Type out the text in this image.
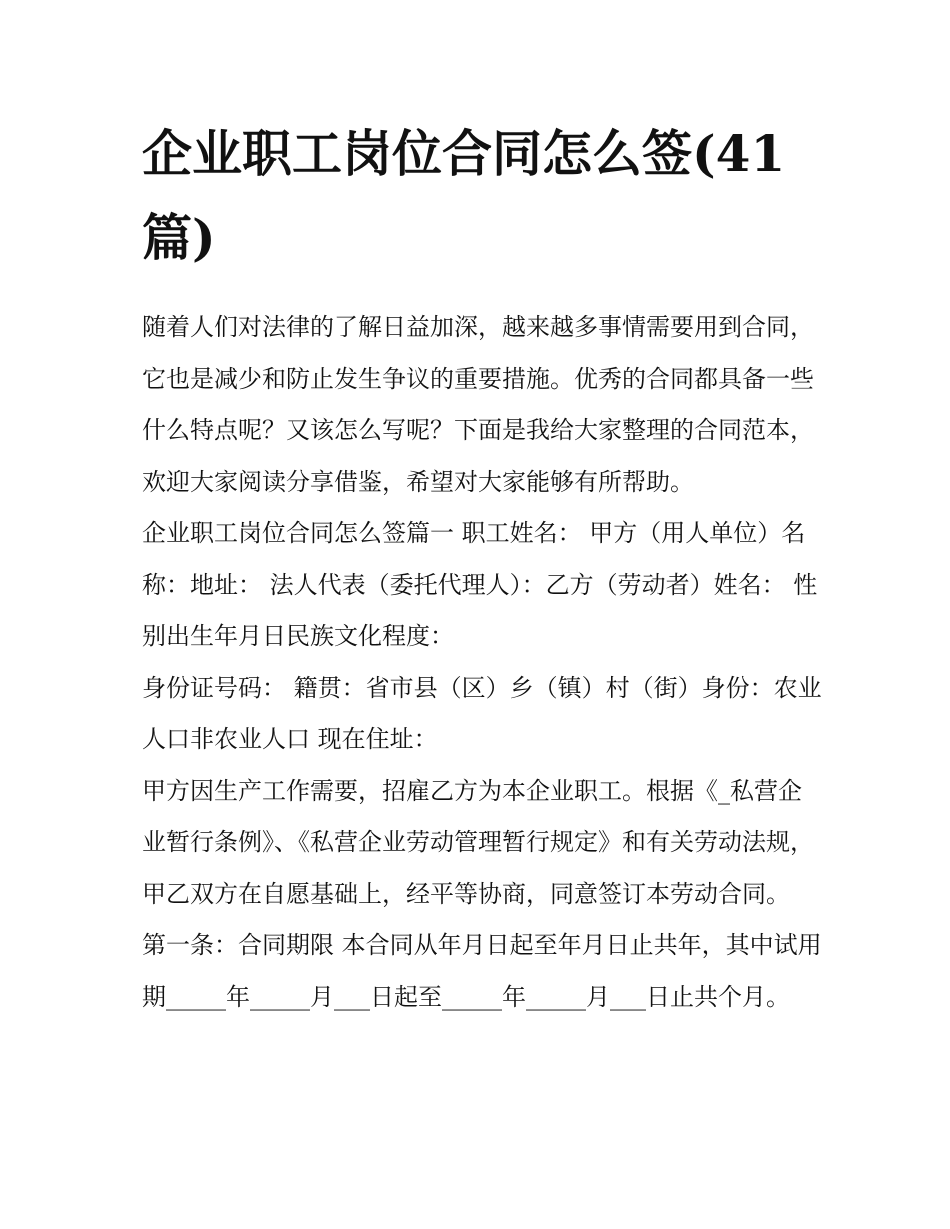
企业职工岗位合同怎么签(41篇)

随着人们对法律的了解日益加深，越来越多事情需要用到合同，它也是减少和防止发生争议的重要措施。优秀的合同都具备一些什么特点呢？又该怎么写呢？下面是我给大家整理的合同范本，欢迎大家阅读分享借鉴，希望对大家能够有所帮助。

企业职工岗位合同怎么签篇一 职工姓名： 甲方（用人单位）名称：地址： 法人代表（委托代理人）：乙方（劳动者）姓名： 性别出生年月日民族文化程度：

身份证号码： 籍贯：省市县（区）乡（镇）村（街）身份：农业人口非农业人口 现在住址：

甲方因生产工作需要，招雇乙方为本企业职工。根据《_私营企业暂行条例》、《私营企业劳动管理暂行规定》和有关劳动法规，甲乙双方在自愿基础上，经平等协商，同意签订本劳动合同。

第一条：合同期限 本合同从年月日起至年月日止共年，其中试用期_____年_____月___日起至_____年_____月___日止共个月。
